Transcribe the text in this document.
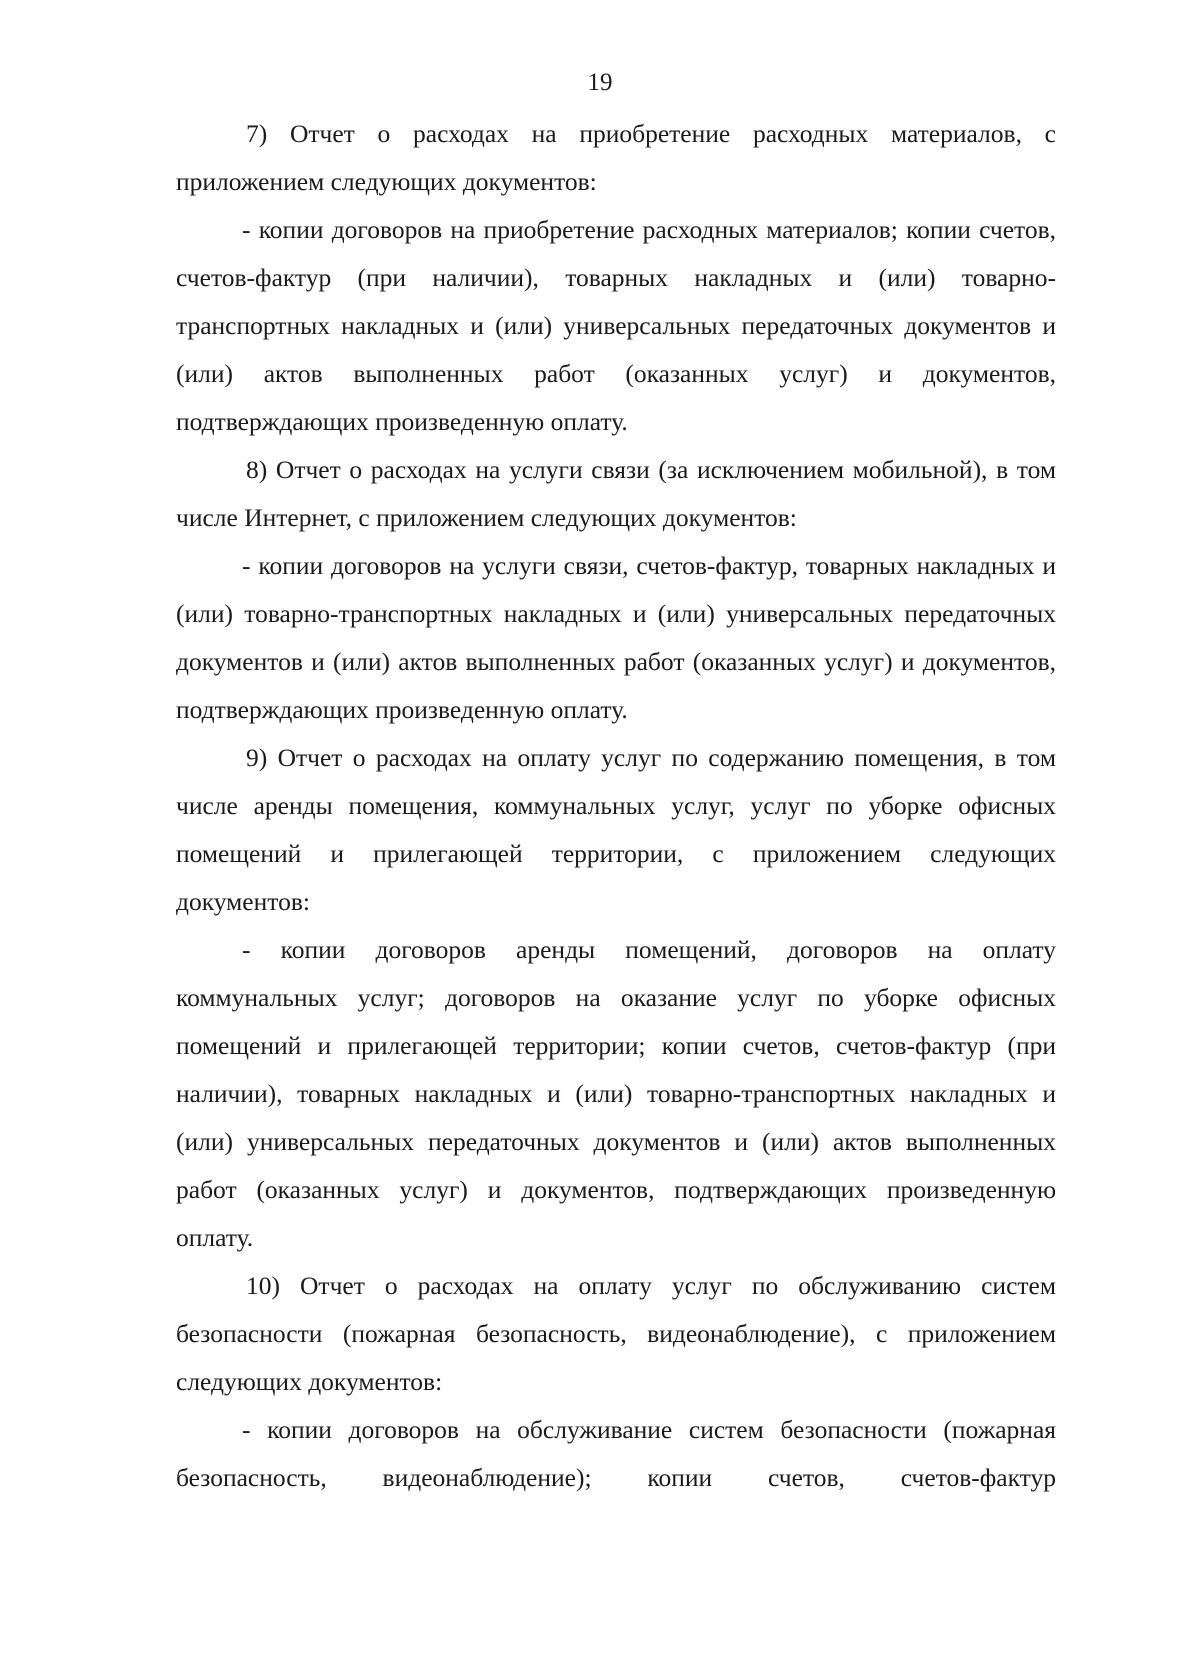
19

7) Отчет о расходах на приобретение расходных материалов, с приложением следующих документов:

- копии договоров на приобретение расходных материалов; копии счетов, счетов-фактур (при наличии), товарных накладных и (или) товарно-транспортных накладных и (или) универсальных передаточных документов и (или) актов выполненных работ (оказанных услуг) и документов, подтверждающих произведенную оплату.

8) Отчет о расходах на услуги связи (за исключением мобильной), в том числе Интернет, с приложением следующих документов:

- копии договоров на услуги связи, счетов-фактур, товарных накладных и (или) товарно-транспортных накладных и (или) универсальных передаточных документов и (или) актов выполненных работ (оказанных услуг) и документов, подтверждающих произведенную оплату.

9) Отчет о расходах на оплату услуг по содержанию помещения, в том числе аренды помещения, коммунальных услуг, услуг по уборке офисных помещений и прилегающей территории, с приложением следующих документов:

- копии договоров аренды помещений, договоров на оплату коммунальных услуг; договоров на оказание услуг по уборке офисных помещений и прилегающей территории; копии счетов, счетов-фактур (при наличии), товарных накладных и (или) товарно-транспортных накладных и (или) универсальных передаточных документов и (или) актов выполненных работ (оказанных услуг) и документов, подтверждающих произведенную оплату.

10) Отчет о расходах на оплату услуг по обслуживанию систем безопасности (пожарная безопасность, видеонаблюдение), с приложением следующих документов:

- копии договоров на обслуживание систем безопасности (пожарная безопасность, видеонаблюдение); копии счетов, счетов-фактур
